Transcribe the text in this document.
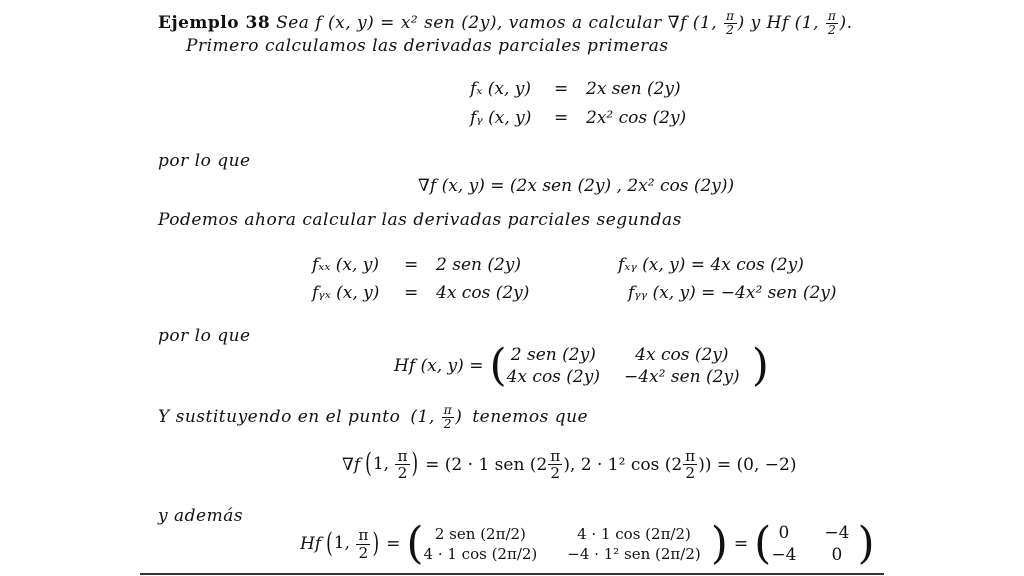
Ejemplo 38 Sea f (x, y) = x² sen (2y), vamos a calcular ∇f (1, $\frac{\pi}{2}$ ) y Hf (1, $\frac{\pi}{2}$ ).
Primero calculamos las derivadas parciales primeras
fₓ (x, y) = 2x sen (2y)
fᵧ (x, y) = 2x² cos (2y)
por lo que
∇f (x, y) = (2x sen (2y) , 2x² cos (2y))
Podemos ahora calcular las derivadas parciales segundas
fₓₓ (x, y) = 2 sen (2y)	fₓᵧ (x, y) = 4x cos (2y)
fᵧₓ (x, y) = 4x cos (2y)	fᵧᵧ (x, y) = −4x² sen (2y)
por lo que
Hf (x, y) = ( 2 sen (2y)	4x cos (2y)
4x cos (2y) −4x² sen (2y) )
Y sustituyendo en el punto (1, $\frac{\pi}{2}$ ) tenemos que
∇f (1, $\frac{\pi}{2}$ ) = (2 · 1 sen ($2 \frac{\pi}{2}$ ), 2 · 1² $\cos (2 \frac{\pi}{2}$ )) = (0, −2)
y además
Hf (1, $\frac{\pi}{2}$ ) = ( 2 sen (2π/2)	4 · 1 cos (2π/2)
4 · 1 cos (2π/2) −4 · 1² sen (2π/2) ) = ( 0	−4
−4	0 )
